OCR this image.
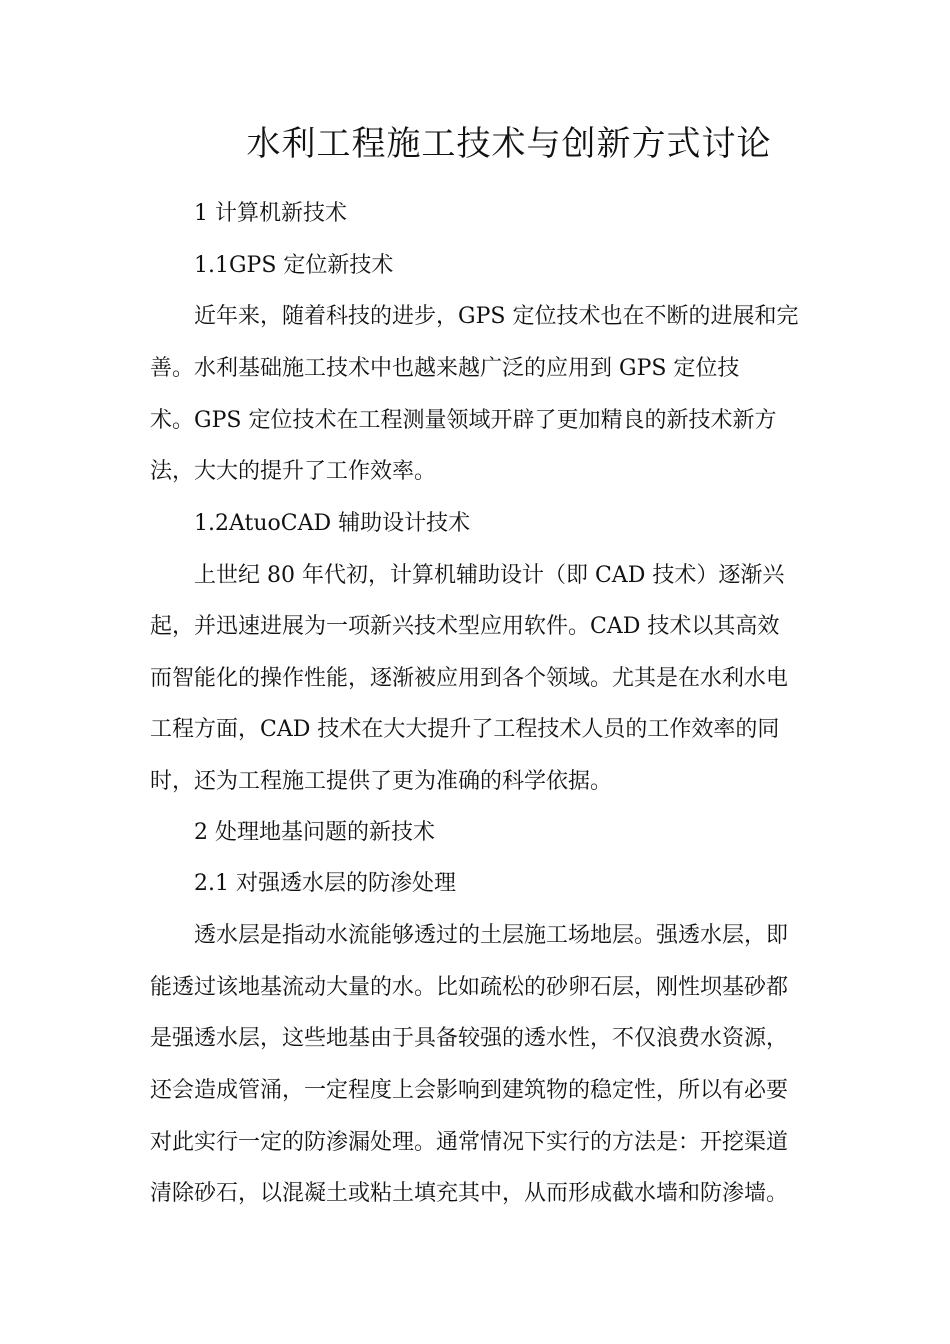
水利工程施工技术与创新方式讨论
1 计算机新技术
1.1GPS 定位新技术
近年来，随着科技的进步，GPS 定位技术也在不断的进展和完
善。水利基础施工技术中也越来越广泛的应用到 GPS 定位技
术。GPS 定位技术在工程测量领域开辟了更加精良的新技术新方
法，大大的提升了工作效率。
1.2AtuoCAD 辅助设计技术
上世纪 80 年代初，计算机辅助设计（即 CAD 技术）逐渐兴
起，并迅速进展为一项新兴技术型应用软件。CAD 技术以其高效
而智能化的操作性能，逐渐被应用到各个领域。尤其是在水利水电
工程方面，CAD 技术在大大提升了工程技术人员的工作效率的同
时，还为工程施工提供了更为准确的科学依据。
2 处理地基问题的新技术
2.1 对强透水层的防渗处理
透水层是指动水流能够透过的土层施工场地层。强透水层，即
能透过该地基流动大量的水。比如疏松的砂卵石层，刚性坝基砂都
是强透水层，这些地基由于具备较强的透水性，不仅浪费水资源，
还会造成管涌，一定程度上会影响到建筑物的稳定性，所以有必要
对此实行一定的防渗漏处理。通常情况下实行的方法是：开挖渠道
清除砂石，以混凝土或粘土填充其中，从而形成截水墙和防渗墙。
